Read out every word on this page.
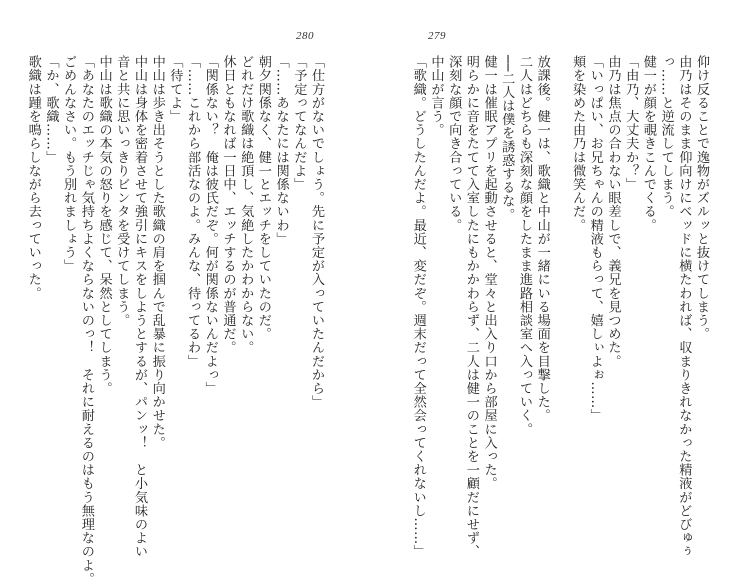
280	279
仰け反ることで逸物がズルッと抜けてしまう。
由乃はそのまま仰向けにベッドに横たわれば、収まりきれなかった精液がどびゅぅ
っ……と逆流してしまう。
健一が顔を覗きこんでくる。
「由乃、大丈夫か？」
由乃は焦点の合わない眼差しで、義兄を見つめた。
「いっぱい、お兄ちゃんの精液もらって、嬉しぃよぉ……」
頬を染めた由乃は微笑んだ。
放課後。健一は、歌織と中山が一緒にいる場面を目撃した。
二人はどちらも深刻な顔をしたまま進路相談室へ入っていく。
──二人は僕を誘惑するな。
健一は催眠アプリを起動させると、堂々と出入り口から部屋に入った。
明らかに音をたてて入室したにもかかわらず、二人は健一のことを一顧だにせず、
深刻な顔で向き合っている。
中山が言う。
「歌織。どうしたんだよ。最近、変だぞ。週末だって全然会ってくれないし……」
「仕方がないでしょう。先に予定が入っていたんだから」
「予定ってなんだよ」
「……あなたには関係ないわ」
朝夕関係なく、健一とエッチをしていたのだ。
どれだけ歌織は絶頂し、気絶したかわからない。
休日ともなれば一日中、エッチするのが普通だ。
「関係ない？　俺は彼氏だぞ。何が関係ないんだよっ」
「……これから部活なのよ。みんな、待ってるわ」
「待てよ」
中山は歩き出そうとした歌織の肩を掴んで乱暴に振り向かせた。
中山は身体を密着させて強引にキスをしようとするが、パンッ！　と小気味のよい
音と共に思いっきりビンタを受けてしまう。
中山は歌織の本気の怒りを感じて、呆然としてしまう。
「あなたのエッチじゃ気持ちよくならないのっ！　それに耐えるのはもう無理なのよ。
ごめんなさい。もう別れましょう」
「か、歌織……」
歌織は踵を鳴らしながら去っていった。
